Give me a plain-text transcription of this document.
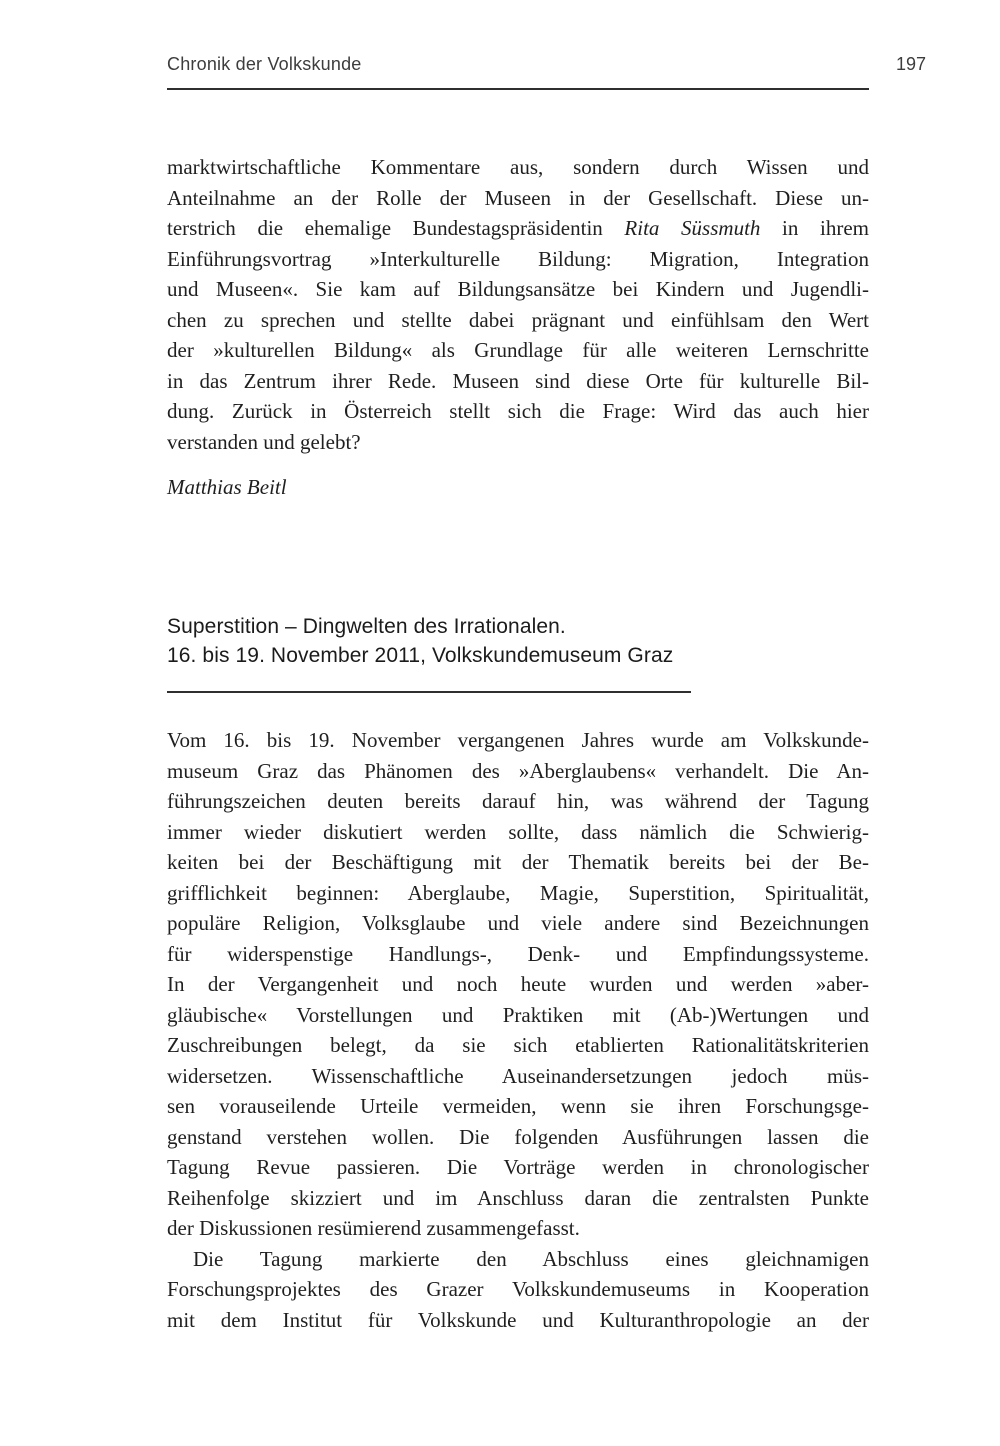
Chronik der Volkskunde	197
marktwirtschaftliche Kommentare aus, sondern durch Wissen und
Anteilnahme an der Rolle der Museen in der Gesellschaft. Diese un-
terstrich die ehemalige Bundestagspräsidentin Rita Süssmuth in ihrem
Einführungsvortrag »Interkulturelle Bildung: Migration, Integration
und Museen«. Sie kam auf Bildungsansätze bei Kindern und Jugendli-
chen zu sprechen und stellte dabei prägnant und einfühlsam den Wert
der »kulturellen Bildung« als Grundlage für alle weiteren Lernschritte
in das Zentrum ihrer Rede. Museen sind diese Orte für kulturelle Bil-
dung. Zurück in Österreich stellt sich die Frage: Wird das auch hier
verstanden und gelebt?
Matthias Beitl
Superstition – Dingwelten des Irrationalen.
16. bis 19. November 2011, Volkskundemuseum Graz
Vom 16. bis 19. November vergangenen Jahres wurde am Volkskunde-
museum Graz das Phänomen des »Aberglaubens« verhandelt. Die An-
führungszeichen deuten bereits darauf hin, was während der Tagung
immer wieder diskutiert werden sollte, dass nämlich die Schwierig-
keiten bei der Beschäftigung mit der Thematik bereits bei der Be-
grifflichkeit beginnen: Aberglaube, Magie, Superstition, Spiritualität,
populäre Religion, Volksglaube und viele andere sind Bezeichnungen
für widerspenstige Handlungs-, Denk- und Empfindungssysteme.
In der Vergangenheit und noch heute wurden und werden »aber-
gläubische« Vorstellungen und Praktiken mit (Ab-)Wertungen und
Zuschreibungen belegt, da sie sich etablierten Rationalitätskriterien
widersetzen. Wissenschaftliche Auseinandersetzungen jedoch müs-
sen vorauseilende Urteile vermeiden, wenn sie ihren Forschungsge-
genstand verstehen wollen. Die folgenden Ausführungen lassen die
Tagung Revue passieren. Die Vorträge werden in chronologischer
Reihenfolge skizziert und im Anschluss daran die zentralsten Punkte
der Diskussionen resümierend zusammengefasst.
Die Tagung markierte den Abschluss eines gleichnamigen
Forschungsprojektes des Grazer Volkskundemuseums in Kooperation
mit dem Institut für Volkskunde und Kulturanthropologie an der
